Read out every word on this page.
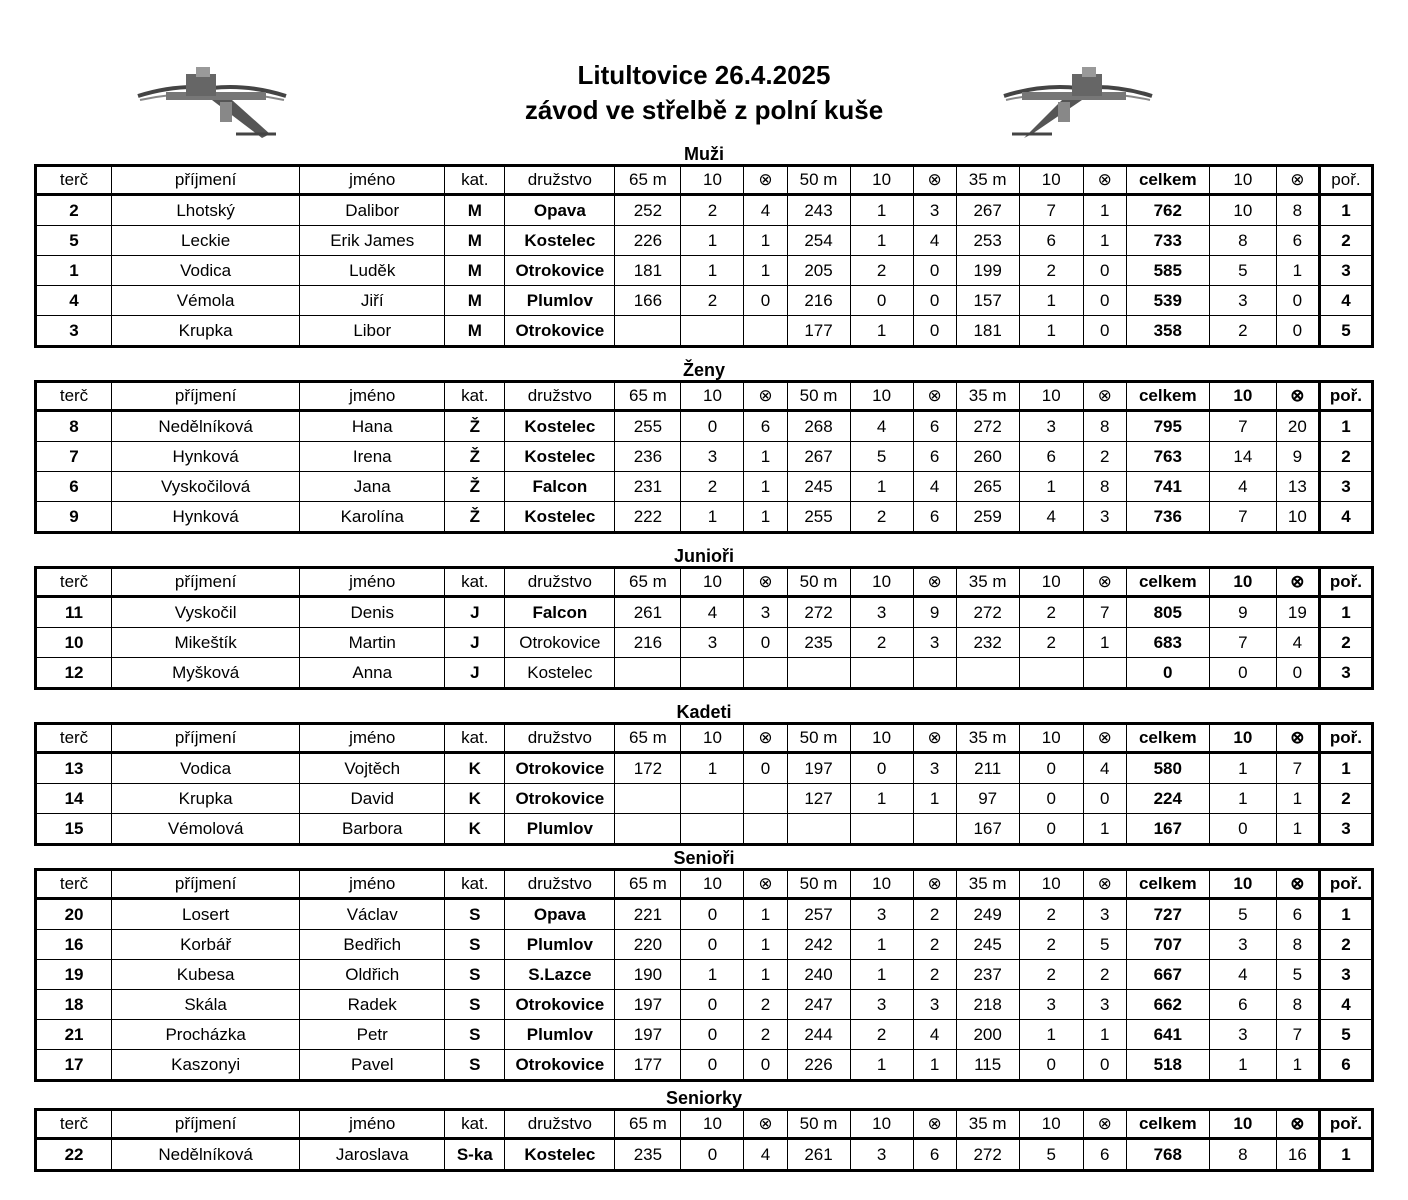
Litultovice 26.4.2025
závod ve střelbě z polní kuše
Muži
terč	příjmení	jméno	kat.	družstvo	65 m	10	⊗	50 m	10	⊗	35 m	10	⊗	celkem	10	⊗	poř.
2	Lhotský	Dalibor	M	Opava	252	2	4	243	1	3	267	7	1	762	10	8	1
5	Leckie	Erik James	M	Kostelec	226	1	1	254	1	4	253	6	1	733	8	6	2
1	Vodica	Luděk	M	Otrokovice	181	1	1	205	2	0	199	2	0	585	5	1	3
4	Vémola	Jiří	M	Plumlov	166	2	0	216	0	0	157	1	0	539	3	0	4
3	Krupka	Libor	M	Otrokovice				177	1	0	181	1	0	358	2	0	5
Ženy
terč	příjmení	jméno	kat.	družstvo	65 m	10	⊗	50 m	10	⊗	35 m	10	⊗	celkem	10	⊗	poř.
8	Nedělníková	Hana	Ž	Kostelec	255	0	6	268	4	6	272	3	8	795	7	20	1
7	Hynková	Irena	Ž	Kostelec	236	3	1	267	5	6	260	6	2	763	14	9	2
6	Vyskočilová	Jana	Ž	Falcon	231	2	1	245	1	4	265	1	8	741	4	13	3
9	Hynková	Karolína	Ž	Kostelec	222	1	1	255	2	6	259	4	3	736	7	10	4
Junioři
terč	příjmení	jméno	kat.	družstvo	65 m	10	⊗	50 m	10	⊗	35 m	10	⊗	celkem	10	⊗	poř.
11	Vyskočil	Denis	J	Falcon	261	4	3	272	3	9	272	2	7	805	9	19	1
10	Mikeštík	Martin	J	Otrokovice	216	3	0	235	2	3	232	2	1	683	7	4	2
12	Myšková	Anna	J	Kostelec										0	0	0	3
Kadeti
terč	příjmení	jméno	kat.	družstvo	65 m	10	⊗	50 m	10	⊗	35 m	10	⊗	celkem	10	⊗	poř.
13	Vodica	Vojtěch	K	Otrokovice	172	1	0	197	0	3	211	0	4	580	1	7	1
14	Krupka	David	K	Otrokovice				127	1	1	97	0	0	224	1	1	2
15	Vémolová	Barbora	K	Plumlov							167	0	1	167	0	1	3
Senioři
terč	příjmení	jméno	kat.	družstvo	65 m	10	⊗	50 m	10	⊗	35 m	10	⊗	celkem	10	⊗	poř.
20	Losert	Václav	S	Opava	221	0	1	257	3	2	249	2	3	727	5	6	1
16	Korbář	Bedřich	S	Plumlov	220	0	1	242	1	2	245	2	5	707	3	8	2
19	Kubesa	Oldřich	S	S.Lazce	190	1	1	240	1	2	237	2	2	667	4	5	3
18	Skála	Radek	S	Otrokovice	197	0	2	247	3	3	218	3	3	662	6	8	4
21	Procházka	Petr	S	Plumlov	197	0	2	244	2	4	200	1	1	641	3	7	5
17	Kaszonyi	Pavel	S	Otrokovice	177	0	0	226	1	1	115	0	0	518	1	1	6
Seniorky
terč	příjmení	jméno	kat.	družstvo	65 m	10	⊗	50 m	10	⊗	35 m	10	⊗	celkem	10	⊗	poř.
22	Nedělníková	Jaroslava	S-ka	Kostelec	235	0	4	261	3	6	272	5	6	768	8	16	1
